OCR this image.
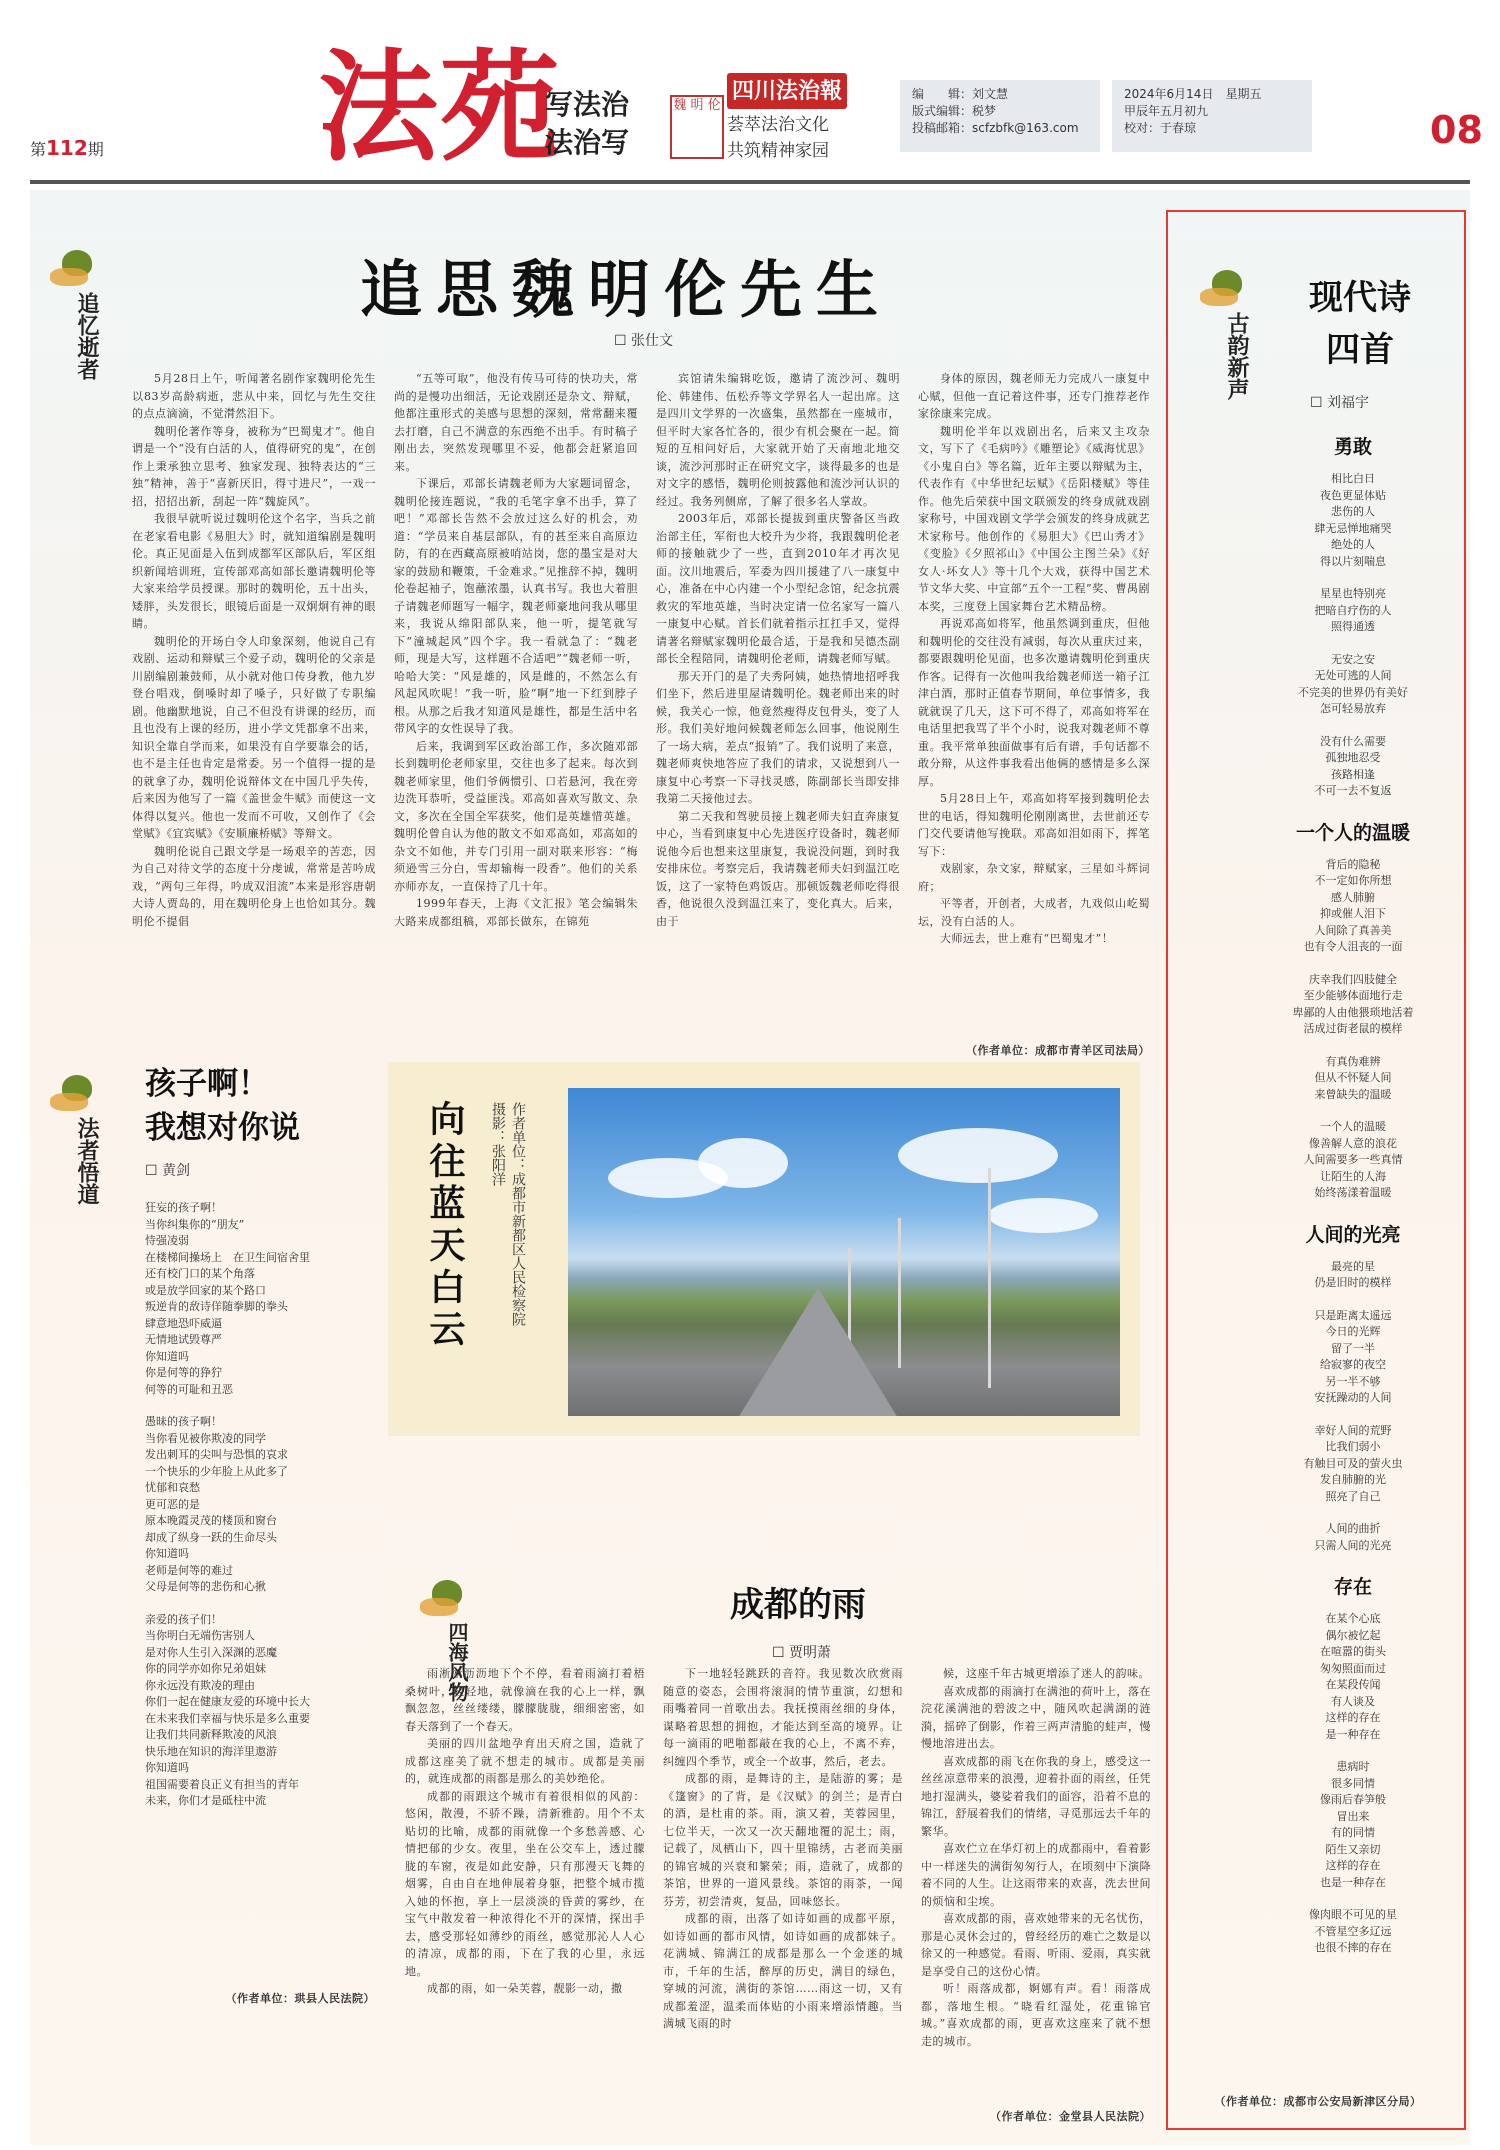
第112期 法苑
写法治
法治写
魏 明 伦
四川法治報
荟萃法治文化
共筑精神家园
编　　辑：刘文慧
版式编辑：税梦
投稿邮箱：scfzbfk@163.com
2024年6月14日　星期五
甲辰年五月初九
校对：于春琼	08
追忆逝者
法者悟道
四海风物
古韵新声
追思魏明伦先生
☐ 张仕文

5月28日上午，听闻著名剧作家魏明伦先生以83岁高龄病逝，悲从中来，回忆与先生交往的点点滴滴，不觉潸然泪下。

魏明伦著作等身，被称为“巴蜀鬼才”。他自谓是一个“没有白活的人，值得研究的鬼”，在创作上秉承独立思考、独家发现、独特表达的“三独”精神，善于“喜新厌旧，得寸进尺”，一戏一招，招招出新，刮起一阵“魏旋风”。

我很早就听说过魏明伦这个名字，当兵之前在老家看电影《易胆大》时，就知道编剧是魏明伦。真正见面是入伍到成都军区部队后，军区组织新闻培训班，宣传部邓高如部长邀请魏明伦等大家来给学员授课。那时的魏明伦，五十出头，矮胖，头发很长，眼镜后面是一双炯炯有神的眼睛。

魏明伦的开场白令人印象深刻，他说自己有戏剧、运动和辩赋三个爱子动，魏明伦的父亲是川剧编剧兼鼓师，从小就对他口传身教，他九岁登台唱戏，倒嗓时却了嗓子，只好做了专职编剧。他幽默地说，自己不但没有讲课的经历，而且也没有上课的经历，进小学文凭都拿不出来，知识全靠自学而来，如果没有自学要靠会的话，也不是主任也肯定是常委。另一个值得一提的是的就拿了办，魏明伦说辩体文在中国几乎失传，后来因为他写了一篇《盖世金牛赋》而使这一文体得以复兴。他也一发而不可收，又创作了《会堂赋》《宜宾赋》《安顺廉桥赋》等辩文。

魏明伦说自己跟文学是一场艰辛的苦恋，因为自己对待文学的态度十分虔诚，常常是苦吟成戏，“两句三年得，吟成双泪流”本来是形容唐朝大诗人贾岛的，用在魏明伦身上也恰如其分。魏明伦不提倡

“五等可取”，他没有传马可待的快功夫，常尚的是慢功出细活，无论戏剧还是杂文、辩赋，他都注重形式的美感与思想的深刻，常常翻来覆去打磨，自己不满意的东西绝不出手。有时稿子刚出去，突然发现哪里不妥，他都会赶紧追回来。

下课后，邓部长请魏老师为大家题词留念，魏明伦接连题说，“我的毛笔字拿不出手，算了吧！”邓部长告然不会放过这么好的机会，劝道：“学员来自基层部队，有的甚至来自高原边防，有的在西藏高原被哨站岗，您的墨宝是对大家的鼓励和鞭策，千金难求。”见推辞不掉，魏明伦卷起袖子，饱蘸浓墨，认真书写。我也大着胆子请魏老师题写一幅字，魏老师豪地问我从哪里来，我说从绵阳部队来，他一听，提笔就写下“潼城起风”四个字。我一看就急了：“魏老师，现是大写，这样题不合适吧”“魏老师一听，哈哈大笑：“风是雄的，风是雌的，不然怎么有风起风吹呢！”我一听，脸“啊”地一下红到脖子根。从那之后我才知道风是雄性，都是生活中名带风字的女性误导了我。

后来，我调到军区政治部工作，多次随邓部长到魏明伦老师家里，交往也多了起来。每次到魏老师家里，他们爷俩惯引、口若悬河，我在旁边洗耳恭听，受益匪浅。邓高如喜欢写散文、杂文，多次在全国全军获奖，他们是英雄惜英雄。魏明伦曾自认为他的散文不如邓高如，邓高如的杂文不如他，并专门引用一副对联来形容：“梅须逊雪三分白，雪却输梅一段香”。他们的关系亦师亦友，一直保持了几十年。

1999年春天，上海《文汇报》笔会编辑朱大路来成都组稿，邓部长做东，在锦苑

宾馆请朱编辑吃饭，邀请了流沙河、魏明伦、韩建伟、伍松乔等文学界名人一起出席。这是四川文学界的一次盛集，虽然都在一座城市，但平时大家各忙各的，很少有机会聚在一起。简短的互相问好后，大家就开始了天南地北地交谈，流沙河那时正在研究文字，谈得最多的也是对文字的感悟，魏明伦则披露他和流沙河认识的经过。我务列侧席，了解了很多名人掌故。

2003年后，邓部长提拔到重庆警备区当政治部主任，军衔也大校升为少将，我跟魏明伦老师的接触就少了一些，直到2010年才再次见面。汶川地震后，军委为四川援建了八一康复中心，准备在中心内建一个小型纪念馆，纪念抗震救灾的军地英雄，当时决定请一位名家写一篇八一康复中心赋。首长们就着指示扛扛手又，觉得请著名辩赋家魏明伦最合适，于是我和吴德杰副部长全程陪同，请魏明伦老师，请魏老师写赋。

那天开门的是了夫秀阿姨，她热情地招呼我们坐下，然后进里屋请魏明伦。魏老师出来的时候，我关心一惊，他竟然瘦得皮包骨头，变了人形。我们美好地问候魏老师怎么回事，他说刚生了一场大病，差点“报销”了。我们说明了来意，魏老师爽快地答应了我们的请求，又说想到八一康复中心考察一下寻找灵感，陈副部长当即安排我第二天接他过去。

第二天我和驾驶员接上魏老师夫妇直奔康复中心，当看到康复中心先进医疗设备时，魏老师说他今后也想来这里康复，我说没问题，到时我安排床位。考察完后，我请魏老师夫妇到温江吃饭，这了一家特色鸡饭店。那顿饭魏老师吃得很香，他说很久没到温江来了，变化真大。后来，由于

身体的原因，魏老师无力完成八一康复中心赋，但他一直记着这件事，还专门推荐老作家徐康来完成。

魏明伦半年以戏剧出名，后来又主攻杂文，写下了《毛病吟》《雕塑论》《威海忧思》《小鬼自白》等名篇，近年主要以辩赋为主，代表作有《中华世纪坛赋》《岳阳楼赋》等佳作。他先后荣获中国文联颁发的终身成就戏剧家称号，中国戏剧文学学会颁发的终身成就艺术家称号。他创作的《易胆大》《巴山秀才》《变脸》《夕照祁山》《中国公主图兰朵》《好女人·坏女人》等十几个大戏，获得中国艺术节文华大奖、中宣部“五个一工程”奖、曹禺剧本奖，三度登上国家舞台艺术精品榜。

再说邓高如将军，他虽然调到重庆，但他和魏明伦的交往没有减弱，每次从重庆过来，都要跟魏明伦见面，也多次邀请魏明伦到重庆作客。记得有一次他叫我给魏老师送一箱子江津白酒，那时正值春节期间，单位事情多，我就就误了几天，这下可不得了，邓高如将军在电话里把我骂了半个小时，说我对魏老师不尊重。我平常单独面做事有后有谱，手句话都不敢分辩，从这件事我看出他俩的感情是多么深厚。

5月28日上午，邓高如将军接到魏明伦去世的电话，得知魏明伦刚刚离世，去世前还专门交代要请他写挽联。邓高如泪如雨下，挥笔写下：

戏剧家，杂文家，辩赋家，三星如斗辉词府；

平等者，开创者，大成者，九戏似山屹蜀坛，没有白活的人。

大师远去，世上难有“巴蜀鬼才”！

（作者单位：成都市青羊区司法局）

孩子啊！
我想对你说
☐ 黄剑
狂妄的孩子啊！
当你纠集你的“朋友”
恃强凌弱
在楼梯间操场上　在卫生间宿舍里
还有校门口的某个角落
或是放学回家的某个路口
叛逆肯的敌诗佯随拳脚的拳头
肆意地恐吓威逼
无情地试毁尊严
你知道吗
你是何等的狰狞
何等的可耻和丑恶
愚昧的孩子啊！
当你看见被你欺凌的同学
发出刺耳的尖叫与恐惧的哀求
一个快乐的少年脸上从此多了
忧郁和哀愁
更可恶的是
原本晚霞灵茂的楼顶和窗台
却成了纵身一跃的生命尽头
你知道吗
老师是何等的难过
父母是何等的悲伤和心揪
亲爱的孩子们！
当你明白无端伤害别人
是对你人生引入深渊的恶魔
你的同学亦如你兄弟姐妹
你永远没有欺凌的理由
你们一起在健康友爱的环境中长大
在未来我们幸福与快乐是多么重要
让我们共同新释欺凌的风浪
快乐地在知识的海洋里遨游
你知道吗
祖国需要着良正义有担当的青年
未来，你们才是砥柱中流

（作者单位：珙县人民法院）

向往蓝天白云	作者单位：成都市新都区人民检察院
摄影：张阳洋
成都的雨
☐ 贾明萧

雨淅淅沥沥地下个不停，看着雨滴打着梧桑树叶，轻轻地，就像滴在我的心上一样，飘飘忽忽，丝丝缕缕，朦朦胧胧，细细密密，如春天落到了一个春天。

美丽的四川盆地孕育出天府之国，造就了成都这座美了就不想走的城市。成都是美丽的，就连成都的雨都是那么的美妙绝伦。

成都的雨跟这个城市有着很相似的风韵：悠闲，散漫，不骄不躁，清新雅韵。用个不太贴切的比喻，成都的雨就像一个多愁善感、心情把郁的少女。夜里，坐在公交车上，透过朦胧的车窗，夜是如此安静，只有那漫天飞舞的烟雾，自由自在地伸展着身躯，把整个城市揽入她的怀抱，享上一层淡淡的昏黄的雾纱，在宝气中散发着一种浓得化不开的深情，探出手去，感受那轻如薄纱的雨丝，感觉那沁人人心的清凉，成都的雨，下在了我的心里，永远地。

成都的雨，如一朵芙蓉，靓影一动，撒

下一地轻轻跳跃的音符。我见数次欣赏雨随意的姿态，会围将滚洞的情节重演，幻想和雨嘴着同一首歌出去。我抚摸雨丝细的身体，谋略着思想的拥抱，才能达到至高的境界。让每一滴雨的吧啪都敲在我的心上，不离不弃，纠缠四个季节，或全一个故事，然后，老去。

成都的雨，是舞诗的主，是陆游的雾；是《篷窗》的了背，是《汉赋》的剑兰；是青白的酒，是杜甫的茶。雨，演又着，芙蓉园里，七位半天，一次又一次天翻地覆的泥土；雨，记载了，凤栖山下，四十里锦绣，古老而美丽的锦官城的兴衰和繁荣；雨，造就了，成都的茶馆，世界的一道风景线。茶馆的雨茶，一闻芬芳，初尝清爽，复品，回味悠长。

成都的雨，出落了如诗如画的成都平原，如诗如画的都市风情，如诗如画的成都妹子。花满城、锦满江的成都是那么一个金迷的城市，千年的生活，醉厚的历史，满目的绿色，穿城的河流，满街的茶馆……雨这一切，又有成都羞涩，温柔而体贴的小雨来增添情趣。当满城飞雨的时

候，这座千年古城更增添了迷人的韵味。

喜欢成都的雨滴打在满池的荷叶上，落在浣花溪满池的碧波之中，随风吹起满湖的涟漪，摇碎了倒影，作着三两声清脆的蛙声，慢慢地溶进出去。

喜欢成都的雨飞在你我的身上，感受这一丝丝凉意带来的浪漫，迎着扑面的雨丝，任凭地打湿满头，婆娑着我们的面容，沿着不息的锦江，舒展着我们的情绪，寻觅那远去千年的繁华。

喜欢伫立在华灯初上的成都雨中，看着影中一样迷失的满街匆匆行人，在顷刻中下演降着不同的人生。让这雨带来的欢喜，洗去世间的烦恼和尘埃。

喜欢成都的雨，喜欢她带来的无名忧伤，那是心灵休会过的，曾经经历的难亡之数是以徐又的一种感觉。看雨、听雨、爱雨，真实就是享受自己的这份心情。

听！雨落成都，婀娜有声。看！雨落成都，落地生根。“晓看红湿处，花重锦官城。”喜欢成都的雨，更喜欢这座来了就不想走的城市。

（作者单位：金堂县人民法院）

现代诗
四首
☐ 刘福宇
勇敢
相比白日
夜色更显体贴
悲伤的人
肆无忌惮地痛哭
绝处的人
得以片刻喘息
星星也特别亮
把暗自疗伤的人
照得通透
无安之安
无处可逃的人间
不完美的世界仍有美好
怎可轻易放弃
没有什么需要
孤独地忍受
孩路相逢
不可一去不复返
一个人的温暖
背后的隐秘
不一定如你所想
感人肺腑
抑或催人泪下
人间除了真善美
也有令人沮丧的一面
庆幸我们四肢健全
至少能够体面地行走
卑鄙的人由他猥琐地活着
活成过街老鼠的模样
有真伪难辨
但从不怀疑人间
来曾缺失的温暖
一个人的温暖
像善解人意的浪花
人间需要多一些真情
让陌生的人海
始终荡漾着温暖
人间的光亮
最亮的星
仍是旧时的模样
只是距离太遥远
今日的光辉
留了一半
给寂寥的夜空
另一半不够
安抚躁动的人间
幸好人间的荒野
比我们弱小
有触目可及的萤火虫
发自肺腑的光
照亮了自己
人间的曲折
只需人间的光亮
存在
在某个心底
偶尔被忆起
在喧嚣的街头
匆匆照面而过
在某段传闻
有人谈及
这样的存在
是一种存在
患病时
很多同情
像雨后春笋般
冒出来
有的同情
陌生又亲切
这样的存在
也是一种存在
像肉眼不可见的星
不管星空多辽远
也很不摔的存在

（作者单位：成都市公安局新津区分局）
